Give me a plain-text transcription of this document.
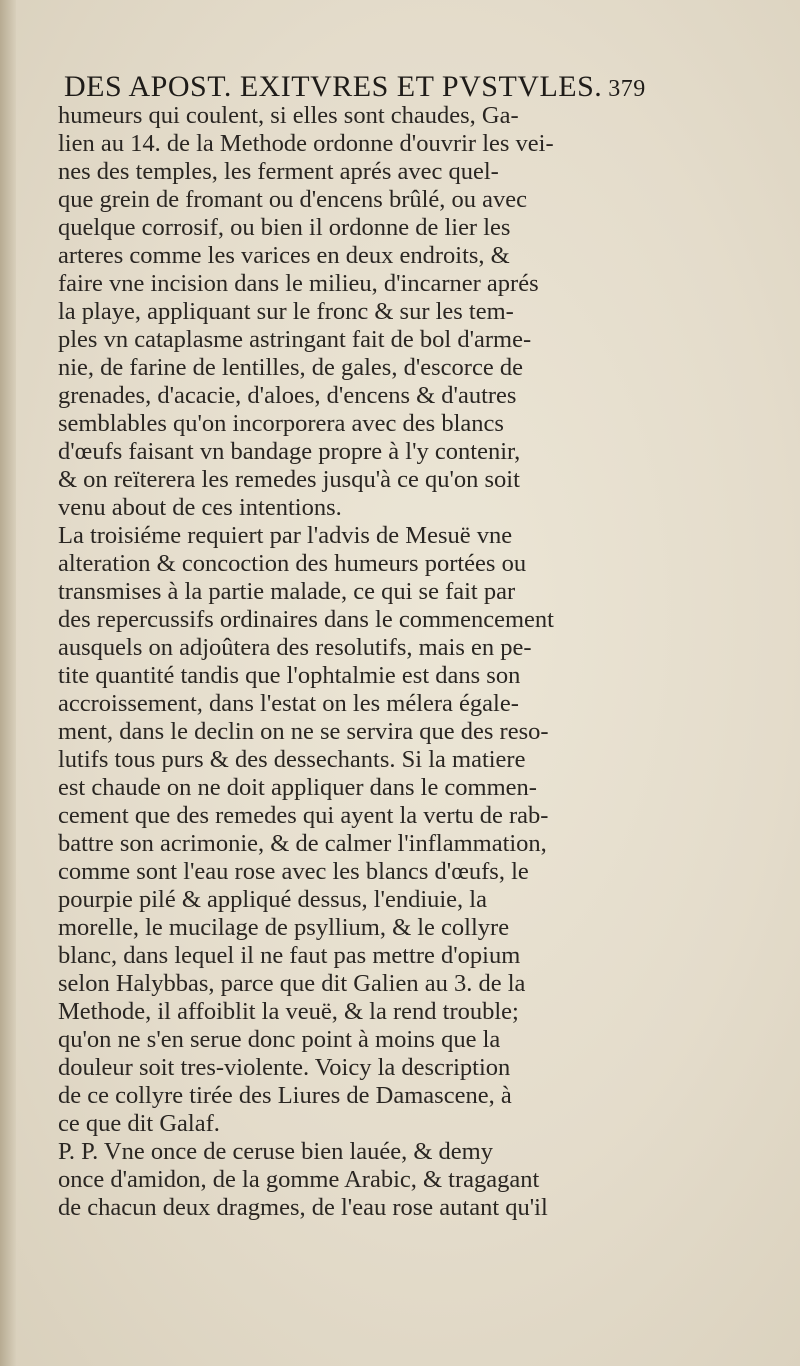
DES APOST. EXITVRES ET PVSTVLES. 379
humeurs qui coulent, si elles sont chaudes, Ga-
lien au 14. de la Methode ordonne d'ouvrir les vei-
nes des temples, les ferment aprés avec quel-
que grein de fromant ou d'encens brûlé, ou avec
quelque corrosif, ou bien il ordonne de lier les
arteres comme les varices en deux endroits, &
faire vne incision dans le milieu, d'incarner aprés
la playe, appliquant sur le fronc & sur les tem-
ples vn cataplasme astringant fait de bol d'arme-
nie, de farine de lentilles, de gales, d'escorce de
grenades, d'acacie, d'aloes, d'encens & d'autres
semblables qu'on incorporera avec des blancs
d'œufs faisant vn bandage propre à l'y contenir,
& on reïterera les remedes jusqu'à ce qu'on soit
venu about de ces intentions.
La troisiéme requiert par l'advis de Mesuë vne
alteration & concoction des humeurs portées ou
transmises à la partie malade, ce qui se fait par
des repercussifs ordinaires dans le commencement
ausquels on adjoûtera des resolutifs, mais en pe-
tite quantité tandis que l'ophtalmie est dans son
accroissement, dans l'estat on les mélera égale-
ment, dans le declin on ne se servira que des reso-
lutifs tous purs & des dessechants. Si la matiere
est chaude on ne doit appliquer dans le commen-
cement que des remedes qui ayent la vertu de rab-
battre son acrimonie, & de calmer l'inflammation,
comme sont l'eau rose avec les blancs d'œufs, le
pourpie pilé & appliqué dessus, l'endiuie, la
morelle, le mucilage de psyllium, & le collyre
blanc, dans lequel il ne faut pas mettre d'opium
selon Halybbas, parce que dit Galien au 3. de la
Methode, il affoiblit la veuë, & la rend trouble;
qu'on ne s'en serue donc point à moins que la
douleur soit tres-violente. Voicy la description
de ce collyre tirée des Liures de Damascene, à
ce que dit Galaf.
P. P. Vne once de ceruse bien lauée, & demy
once d'amidon, de la gomme Arabic, & tragagant
de chacun deux dragmes, de l'eau rose autant qu'il
